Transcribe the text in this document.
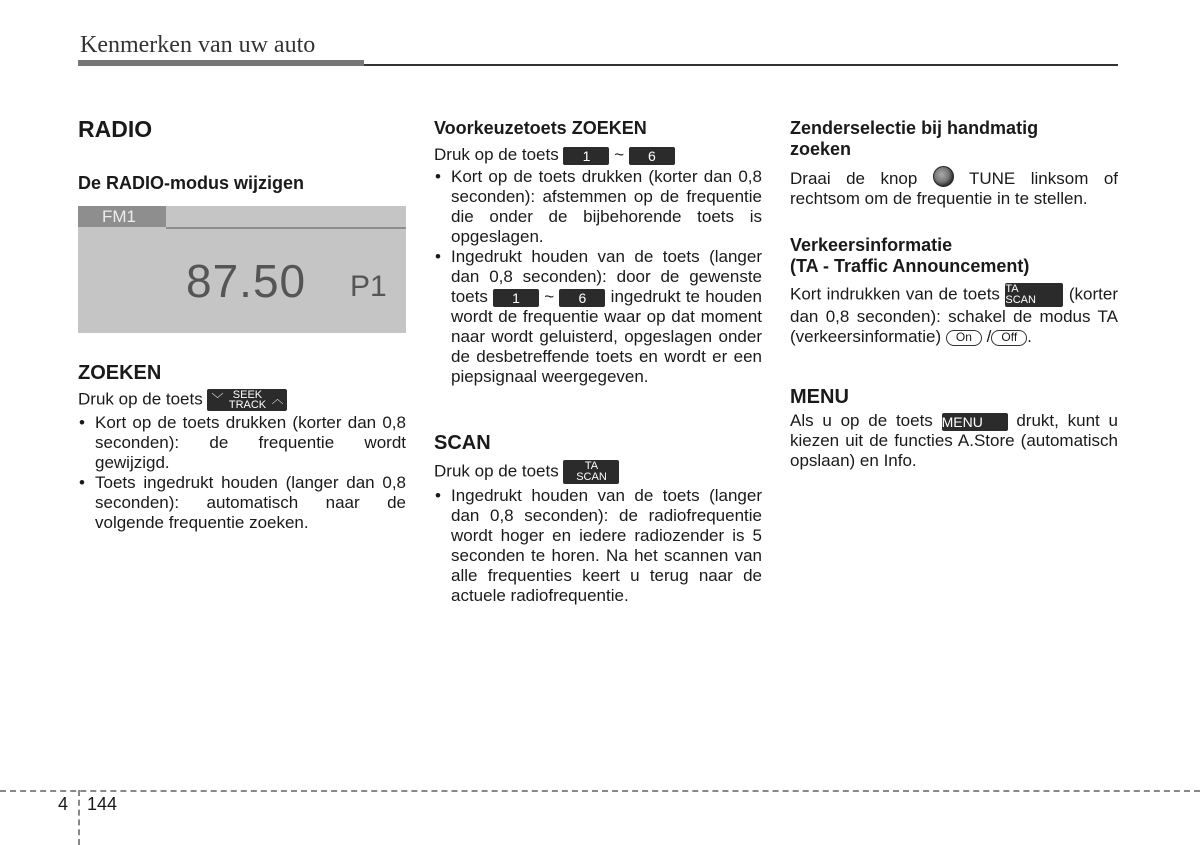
Kenmerken van uw auto
RADIO
De RADIO-modus wijzigen
FM1
87.50 P1
ZOEKEN
Druk op de toets ﹀ SEEK
TRACK ︿
• Kort op de toets drukken (korter dan 0,8 seconden): de frequentie wordt gewijzigd.
• Toets ingedrukt houden (langer dan 0,8 seconden): automatisch naar de volgende frequentie zoeken.
Voorkeuzetoets ZOEKEN
Druk op de toets 1 ~ 6
• Kort op de toets drukken (korter dan 0,8 seconden): afstemmen op de frequentie die onder de bijbehorende toets is opgeslagen.
• Ingedrukt houden van de toets (langer dan 0,8 seconden): door de gewenste toets 1 ~ 6 ingedrukt te houden wordt de frequentie waar op dat moment naar wordt geluisterd, opgeslagen onder de desbetreffende toets en wordt er een piepsignaal weergegeven.
SCAN
Druk op de toets	TA
SCAN
• Ingedrukt houden van de toets (langer dan 0,8 seconden): de radiofrequentie wordt hoger en iedere radiozender is 5 seconden te horen. Na het scannen van alle frequenties keert u terug naar de actuele radiofrequentie.
Zenderselectie bij handmatig
zoeken
Draai de knop	TUNE linksom of rechtsom om de frequentie in te stellen.
Verkeersinformatie
(TA - Traffic Announcement)
Kort indrukken van de toets TA
SCAN	(korter dan 0,8 seconden): schakel de modus TA (verkeersinformatie) On / Off .
MENU
Als u op de toets MENU drukt, kunt u kiezen uit de functies A.Store (automatisch opslaan) en Info.
4 144
